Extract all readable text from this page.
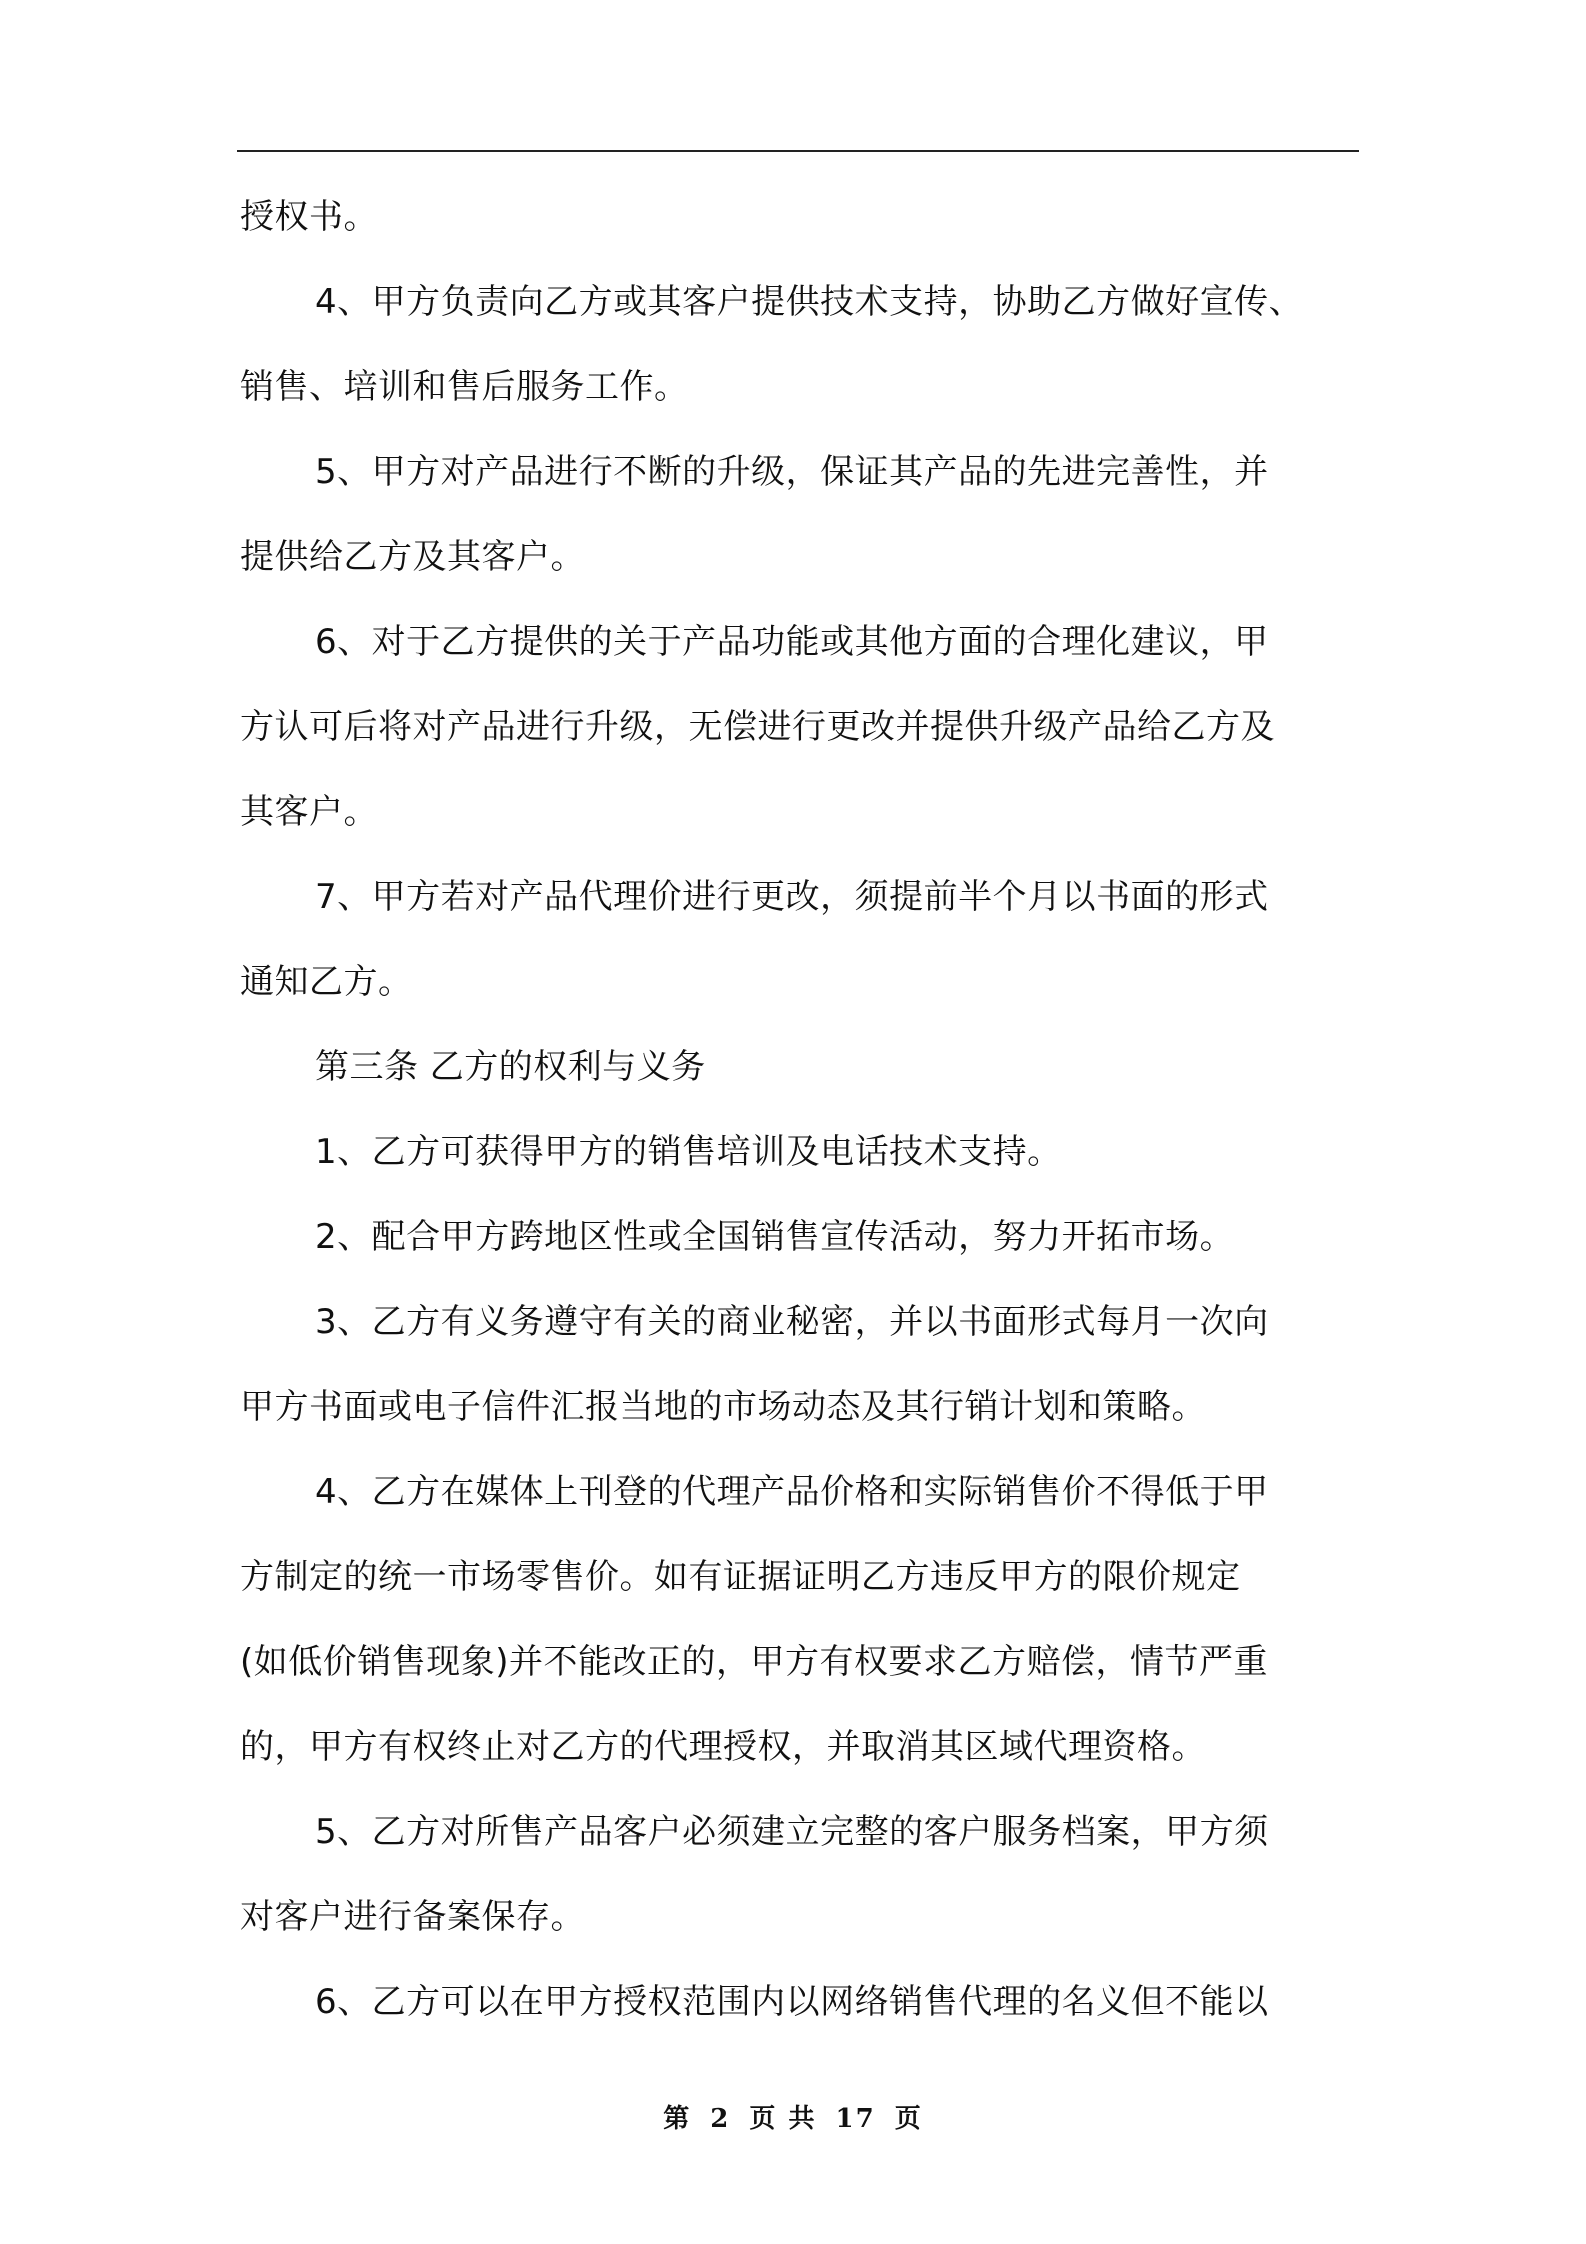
授权书。
4、甲方负责向乙方或其客户提供技术支持，协助乙方做好宣传、
销售、培训和售后服务工作。
5、甲方对产品进行不断的升级，保证其产品的先进完善性，并
提供给乙方及其客户。
6、对于乙方提供的关于产品功能或其他方面的合理化建议，甲
方认可后将对产品进行升级，无偿进行更改并提供升级产品给乙方及
其客户。
7、甲方若对产品代理价进行更改，须提前半个月以书面的形式
通知乙方。
第三条 乙方的权利与义务
1、乙方可获得甲方的销售培训及电话技术支持。
2、配合甲方跨地区性或全国销售宣传活动，努力开拓市场。
3、乙方有义务遵守有关的商业秘密，并以书面形式每月一次向
甲方书面或电子信件汇报当地的市场动态及其行销计划和策略。
4、乙方在媒体上刊登的代理产品价格和实际销售价不得低于甲
方制定的统一市场零售价。如有证据证明乙方违反甲方的限价规定
(如低价销售现象)并不能改正的，甲方有权要求乙方赔偿，情节严重
的，甲方有权终止对乙方的代理授权，并取消其区域代理资格。
5、乙方对所售产品客户必须建立完整的客户服务档案，甲方须
对客户进行备案保存。
6、乙方可以在甲方授权范围内以网络销售代理的名义但不能以
第 2 页 共 17 页
